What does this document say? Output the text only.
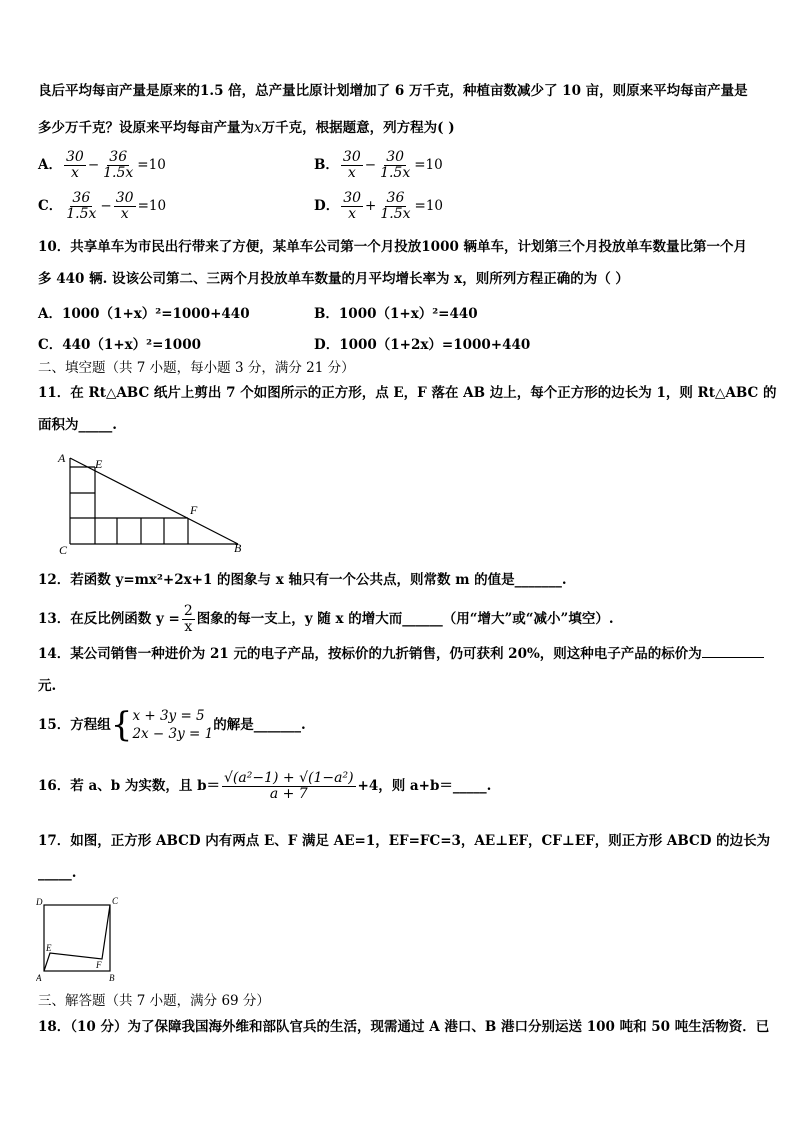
良后平均每亩产量是原来的1.5 倍，总产量比原计划增加了 6 万千克，种植亩数减少了 10 亩，则原来平均每亩产量是
多少万千克？设原来平均每亩产量为x万千克，根据题意，列方程为( )
A． $\frac{30}{x} - \frac{36}{1.5x} =10$	B． $\frac{30}{x} - \frac{30}{1.5x} =10$
C． $\frac{36}{1.5x} - \frac{30}{x} =10$	D． $\frac{30}{x} + \frac{36}{1.5x} =10$
10．共享单车为市民出行带来了方便，某单车公司第一个月投放1000 辆单车，计划第三个月投放单车数量比第一个月
多 440 辆. 设该公司第二、三两个月投放单车数量的月平均增长率为 x，则所列方程正确的为（ ）
A．1000（1+x）²=1000+440	B．1000（1+x）²=440
C．440（1+x）²=1000	D．1000（1+2x）=1000+440
二、填空题（共 7 小题，每小题 3 分，满分 21 分）
11．在 Rt△ABC 纸片上剪出 7 个如图所示的正方形，点 E，F 落在 AB 边上，每个正方形的边长为 1，则 Rt△ABC 的
面积为_____.
A E
F
C	B
12．若函数 y=mx²+2x+1 的图象与 x 轴只有一个公共点，则常数 m 的值是_______.
13．在反比例函数 $y = \frac{2}{x}$ 图象的每一支上，y 随 x 的增大而______（用“增大”或“减小”填空）.
14．某公司销售一种进价为 21 元的电子产品，按标价的九折销售，仍可获利 20%，则这种电子产品的标价为
元.
15．方程组{ x + 3y = 5
2x − 3y = 1
的解是_______.
16．若 a、b 为实数，且 $b= \frac{\text{√(a²−1) + √(1−a²)}}{a + 7} +4$，则 a+b＝_____.
17．如图，正方形 ABCD 内有两点 E、F 满足 AE=1，EF=FC=3，AE⊥EF，CF⊥EF，则正方形 ABCD 的边长为
_____.
D	C
E
F
A	B
三、解答题（共 7 小题，满分 69 分）
18．（10 分）为了保障我国海外维和部队官兵的生活，现需通过 A 港口、B 港口分别运送 100 吨和 50 吨生活物资．已
